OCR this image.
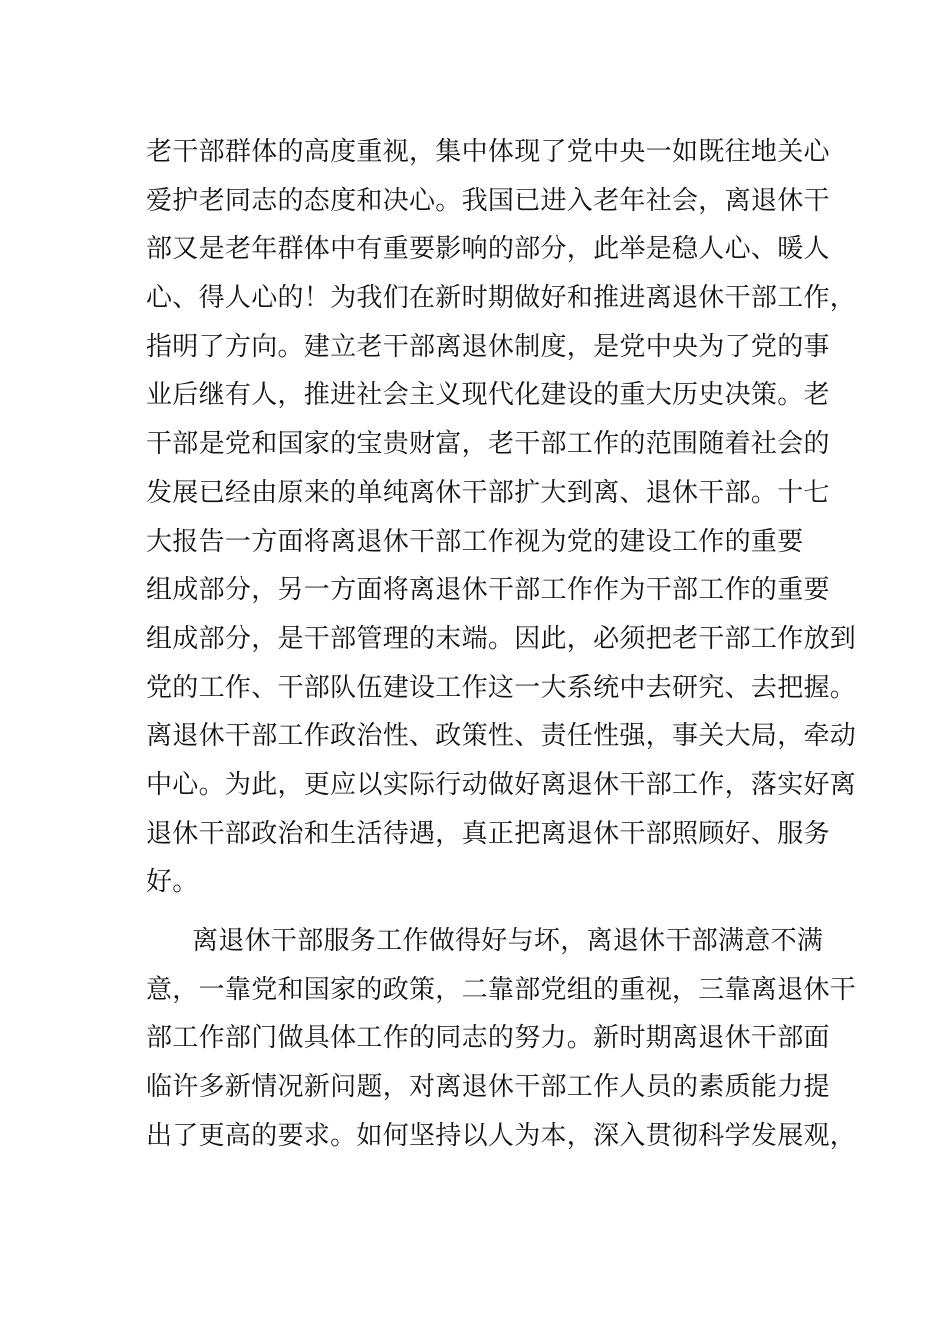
老干部群体的高度重视，集中体现了党中央一如既往地关心
爱护老同志的态度和决心。我国已进入老年社会，离退休干
部又是老年群体中有重要影响的部分，此举是稳人心、暖人
心、得人心的！为我们在新时期做好和推进离退休干部工作，
指明了方向。建立老干部离退休制度，是党中央为了党的事
业后继有人，推进社会主义现代化建设的重大历史决策。老
干部是党和国家的宝贵财富，老干部工作的范围随着社会的
发展已经由原来的单纯离休干部扩大到离、退休干部。十七
大报告一方面将离退休干部工作视为党的建设工作的重要
组成部分，另一方面将离退休干部工作作为干部工作的重要
组成部分，是干部管理的末端。因此，必须把老干部工作放到
党的工作、干部队伍建设工作这一大系统中去研究、去把握。
离退休干部工作政治性、政策性、责任性强，事关大局，牵动
中心。为此，更应以实际行动做好离退休干部工作，落实好离
退休干部政治和生活待遇，真正把离退休干部照顾好、服务
好。
离退休干部服务工作做得好与坏，离退休干部满意不满
意，一靠党和国家的政策，二靠部党组的重视，三靠离退休干
部工作部门做具体工作的同志的努力。新时期离退休干部面
临许多新情况新问题，对离退休干部工作人员的素质能力提
出了更高的要求。如何坚持以人为本，深入贯彻科学发展观，
